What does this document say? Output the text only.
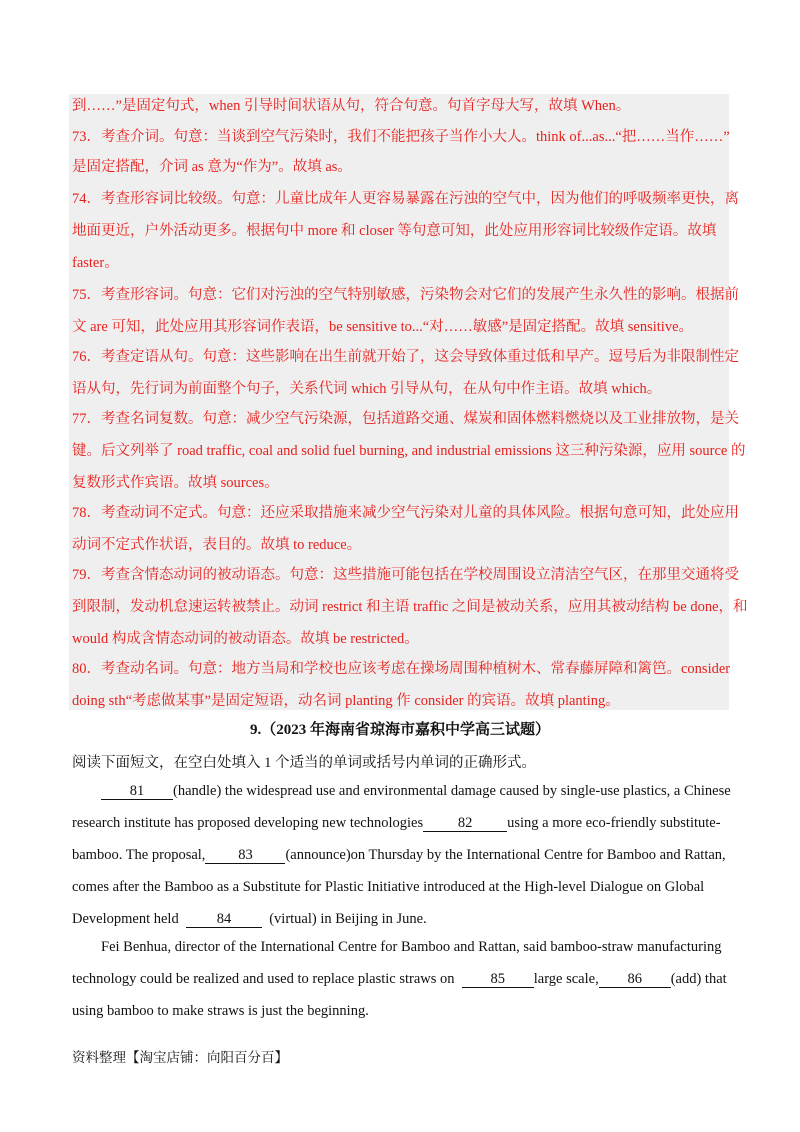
到……”是固定句式，when 引导时间状语从句，符合句意。句首字母大写，故填 When。
73．考查介词。句意：当谈到空气污染时，我们不能把孩子当作小大人。think of...as...“把……当作……”
是固定搭配，介词 as 意为“作为”。故填 as。
74．考查形容词比较级。句意：儿童比成年人更容易暴露在污浊的空气中，因为他们的呼吸频率更快，离
地面更近，户外活动更多。根据句中 more 和 closer 等句意可知，此处应用形容词比较级作定语。故填
faster。
75．考查形容词。句意：它们对污浊的空气特别敏感，污染物会对它们的发展产生永久性的影响。根据前
文 are 可知，此处应用其形容词作表语，be sensitive to...“对……敏感”是固定搭配。故填 sensitive。
76．考查定语从句。句意：这些影响在出生前就开始了，这会导致体重过低和早产。逗号后为非限制性定
语从句，先行词为前面整个句子，关系代词 which 引导从句，在从句中作主语。故填 which。
77．考查名词复数。句意：减少空气污染源，包括道路交通、煤炭和固体燃料燃烧以及工业排放物，是关
键。后文列举了 road traffic, coal and solid fuel burning, and industrial emissions 这三种污染源，应用 source 的
复数形式作宾语。故填 sources。
78．考查动词不定式。句意：还应采取措施来减少空气污染对儿童的具体风险。根据句意可知，此处应用
动词不定式作状语，表目的。故填 to reduce。
79．考查含情态动词的被动语态。句意：这些措施可能包括在学校周围设立清洁空气区，在那里交通将受
到限制，发动机怠速运转被禁止。动词 restrict 和主语 traffic 之间是被动关系，应用其被动结构 be done，和
would 构成含情态动词的被动语态。故填 be restricted。
80．考查动名词。句意：地方当局和学校也应该考虑在操场周围种植树木、常春藤屏障和篱笆。consider
doing sth“考虑做某事”是固定短语，动名词 planting 作 consider 的宾语。故填 planting。
9.（2023 年海南省琼海市嘉积中学高三试题）
阅读下面短文，在空白处填入 1 个适当的单词或括号内单词的正确形式。
81 (handle) the widespread use and environmental damage caused by single-use plastics, a Chinese
research institute has proposed developing new technologies 82 using a more eco-friendly substitute-
bamboo. The proposal, 83 (announce)on Thursday by the International Centre for Bamboo and Rattan,
comes after the Bamboo as a Substitute for Plastic Initiative introduced at the High-level Dialogue on Global
Development held	84	(virtual) in Beijing in June.
Fei Benhua, director of the International Centre for Bamboo and Rattan, said bamboo-straw manufacturing
technology could be realized and used to replace plastic straws on 85 large scale, 86 (add) that
using bamboo to make straws is just the beginning.
资料整理【淘宝店铺：向阳百分百】
